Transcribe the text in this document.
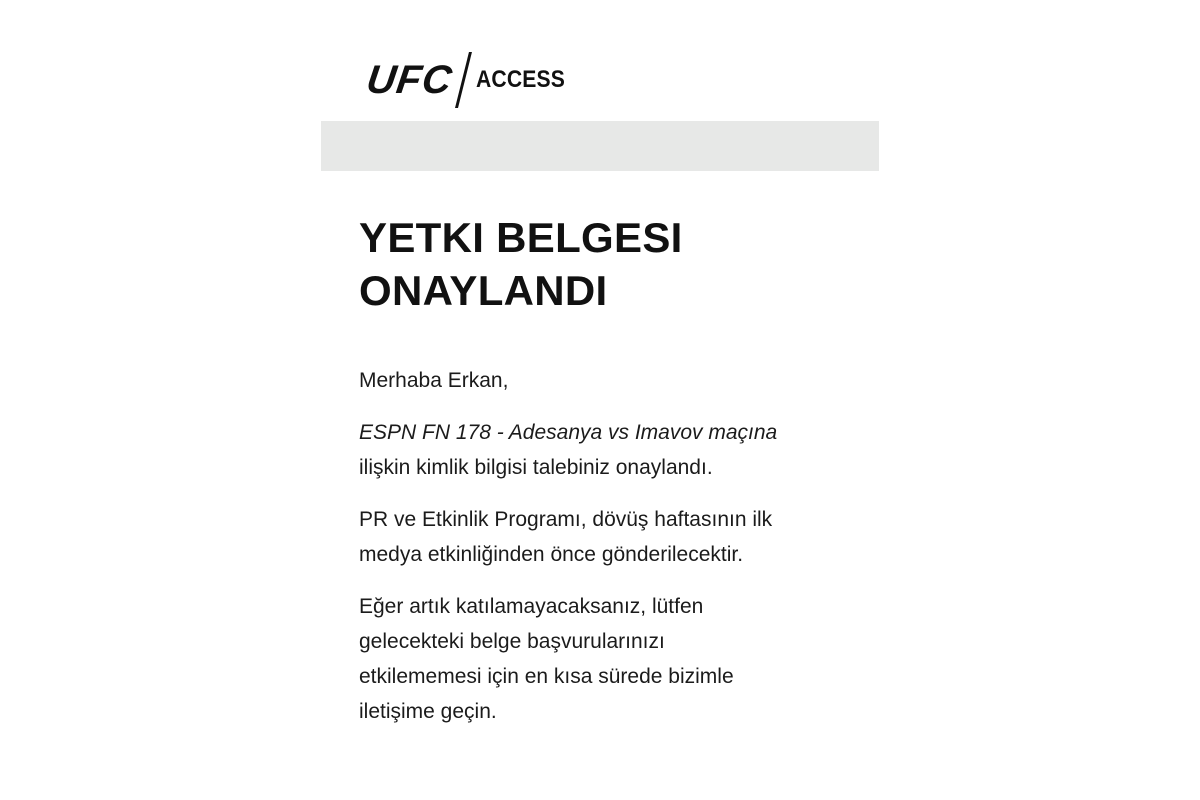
UFC ACCESS
YETKI BELGESI
ONAYLANDI

Merhaba Erkan,

ESPN FN 178 - Adesanya vs Imavov maçına
ilişkin kimlik bilgisi talebiniz onaylandı.

PR ve Etkinlik Programı, dövüş haftasının ilk
medya etkinliğinden önce gönderilecektir.

Eğer artık katılamayacaksanız, lütfen
gelecekteki belge başvurularınızı
etkilememesi için en kısa sürede bizimle
iletişime geçin.
